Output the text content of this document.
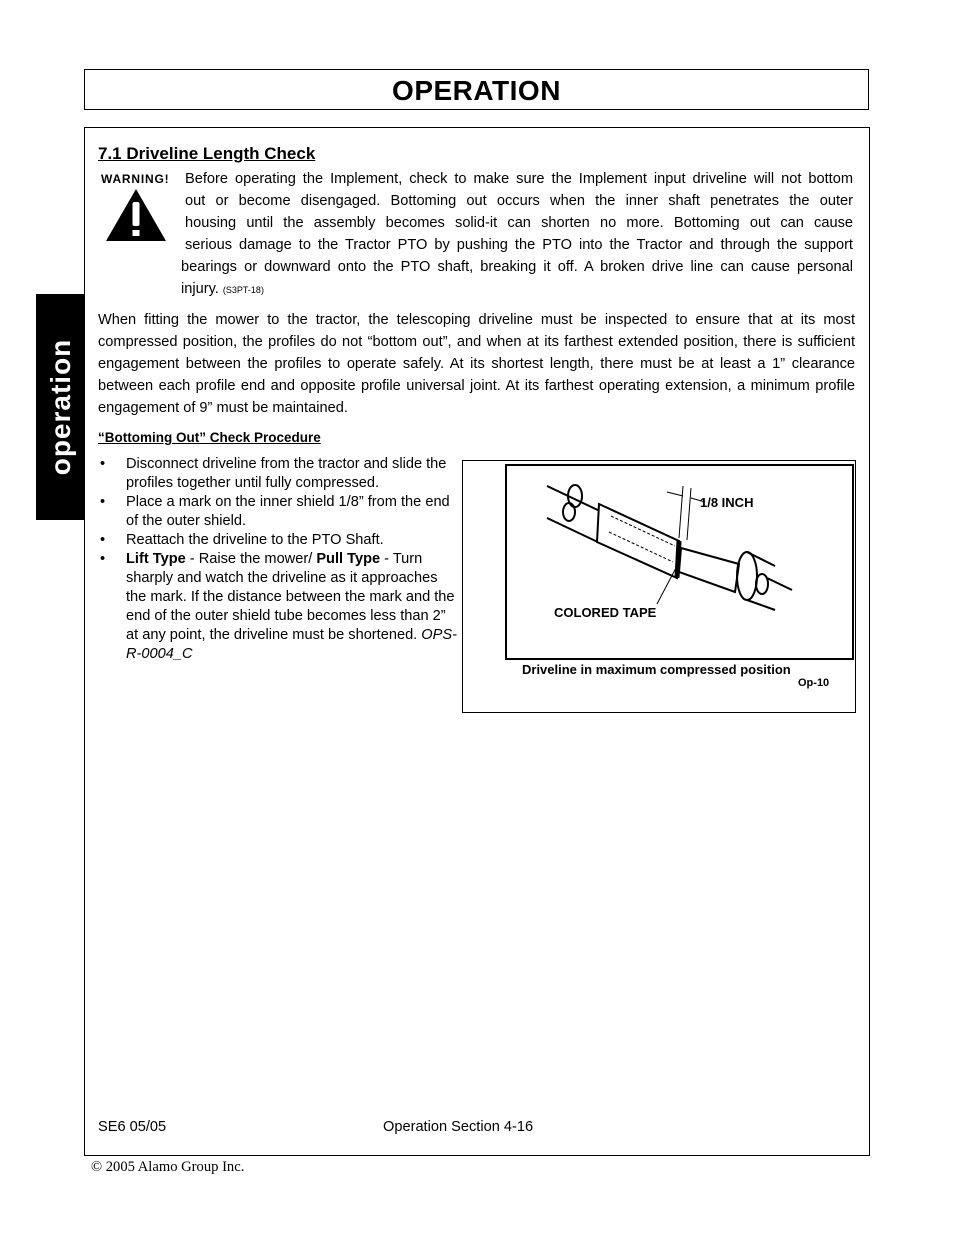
OPERATION
operation
7.1 Driveline Length Check
WARNING! Before operating the Implement, check to make sure the Implement input driveline will not bottom
out or become disengaged. Bottoming out occurs when the inner shaft penetrates the outer
housing until the assembly becomes solid-it can shorten no more. Bottoming out can cause
serious damage to the Tractor PTO by pushing the PTO into the Tractor and through the support
bearings or downward onto the PTO shaft, breaking it off. A broken drive line can cause personal
injury. (S3PT-18)
When fitting the mower to the tractor, the telescoping driveline must be inspected to ensure that at its most compressed position, the profiles do not “bottom out”, and when at its farthest extended position, there is sufficient engagement between the profiles to operate safely. At its shortest length, there must be at least a 1” clearance between each profile end and opposite profile universal joint. At its farthest operating extension, a minimum profile engagement of 9” must be maintained.
“Bottoming Out” Check Procedure
• Disconnect driveline from the tractor and slide the profiles together until fully compressed.
• Place a mark on the inner shield 1/8” from the end of the outer shield.
• Reattach the driveline to the PTO Shaft.
• Lift Type - Raise the mower/ Pull Type - Turn sharply and watch the driveline as it approaches the mark. If the distance between the mark and the end of the outer shield tube becomes less than 2” at any point, the driveline must be shortened. OPS-R-0004_C
1/8 INCH
COLORED TAPE
Driveline in maximum compressed position
Op-10
SE6 05/05	Operation Section 4-16
© 2005 Alamo Group Inc.
